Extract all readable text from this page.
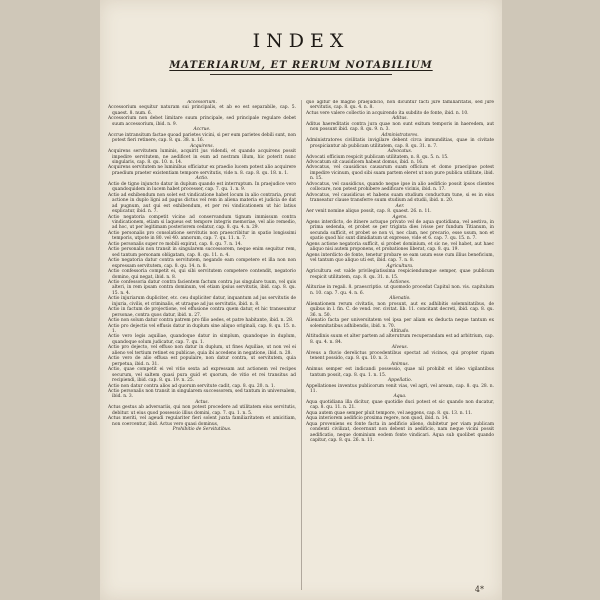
INDEX
MATERIARUM, ET RERUM NOTABILIUM
Accessorium.
Accessorium sequitur naturam sui principalis, et ab eo est separabile, cap. 5. quaest. 8. num. 6.
Accessorium non debet limitare suum principale, sed principale regulare debet suum accessorium, ibid. n. 9.
Accrue.
Accrue intransitum factae quoad parietes vicini, si per eum parietes debili sunt, non potest fieri retinere, cap. 8. qu. 38. n. 16.
Acquirens.
Acquirens servitutem luminis, acquirit jus videndi, et quando acquirens possit impedire servitutem, ne aedificet in eum ad nostram illum, hic poterit nunc singularis, cap. 8. qu. 10. n. 14.
Acquirens servitutem ne luminibus officiatur ex praedio lucem potest alio acquirere praedium praeter existentiam tempore servitutis, vide n. 8. cap. 8. qu. 18. n. 1.
Actio.
Actio de tigno injuncto datur in duplum quando est interruptum. In praejudice vero quandoquidem in lucem habet processer, cap. 7. qu. 1. n. 9.
Actio ad exhibendum non solet est vindicatione habet locum in alio contraria, prout actione in duplo ligni ad pagus dictus vel rem in aliena materia et judicia de dat ad pugnum, aut qui est exhibendum, et per rei vindicationem ut hic latius explicatur, ibid. n. 7.
Actio negatoria competit vicino ad conservandum tignum immissum contra vindicationem, etiam si laqueus est tempore integris memoriae, vel alio remedio, ad hoc, ut per legitimam posteriorem cedatur, cap. 8. qu. 4. n. 29.
Actio personalis pro consolatione servitutis non praescribitur in spatio longissimi temporis, utpote in 80. vel 40. annorum, cap. 7. qu. 11. n. 7.
Actio personalis super re mobili expirat, cap. 8. qu. 7. n. 14.
Actio personalis non transit in singularem successorem, neque enim sequitur rem, sed tantum personam obligatam, cap. 8. qu. 11. n. 4.
Actio negatoria datur contra servitutem, negando eam competere et illa non non expressam servitutem, cap. 8. qu. 14. n. 8.
Actio confessoria competit ei, qui sibi servitutem competere contendit, negatorio domino, qui negat, ibid. n. 8.
Actio confessoria datur contra facientem factum contra jus singulare tuum, vel quis alteri, in rem ipsam contra dominum, vel etiam ipsius servitutis, ibid. cap. 8. qu. 15. n. 4.
Actio injuriarum dupliciter, etc. ceu dupliciter datur, inquantum ad jus servitutis de injuria, civilis, et criminalis, et utraque ad jus servitutis, ibid. n. 8.
Actio in factum de projectione, vel effusione contra quem datur, et hic transeuntur personae, contra quos datur, ibid. n. 27.
Actio non solum datur contra patrem pro filio aedes, et patre habitante, ibid. n. 28.
Actio pro dejectis vel effusis datur in duplum sine aliquo originali, cap. 8. qu. 15. n. 1.
Actio vero legis aquiliae, quandoque datur in simplum, quandoque in duplum, quandoque solum judicatur, cap. 7. qu. 1.
Actio pro dejecto, vel effuso non datur in duplum, ut fines Aquiliae, ut non vel ei alieno vel tertium retinet ex publicae, quia ibi accedens in negatione, ibid. n. 28.
Actio vero de alio effusa est populaire, non datur contra, ut servitutem, quia perpetua, ibid. n. 31.
Actio, quae competit ei vel vitio sexta ad expressam aut actionem vel recipes securum, vel saltem quasi pura quid et quorum, de vitio et rei transitus ad recipiendi, ibid. cap. 8. qu. 19. n. 25.
Actio non datur contra alios ad quorum servitute cadit, cap. 8. qu. 20. n. 1.
Actio personalis non transit in singularem successorem, sed tantum in universalem, ibid. n. 3.
Actus.
Actus gestus ab adversariis, qui non potest procedere ad utilitatem eius servitutis, debitur. ut eius quod possessio illius domini, cap. 7. qu. 1. n. 5.
Actus meriti, vel ageudi regulariter fieri solent juxta familiaritatem et amicitiam, non coercentur, ibid. Actus vero quasi dominus,
Prohibitio de Servitutibus.
quo agitur de magno praejudicio, non dicuntur facti jure familiaritatis, sed jure servitutis, cap. 8. qu. 4. n. 8.
Actus vere valere collectio in acquirendo ita subdito de fonte, ibid. n. 10.
Aditus.
Aditus haereditatis contra jura quae non sunt exitum temporis in haeredem, aut non possunt ibid. cap. 8. qu. 9. n. 3.
Administratores.
Administratores civilitatis invigilare debent circa immunditias, quae in civitate prospiciantur ab publicam utilitatem, cap. 8. qu. 31. n. 7.
Advocatus.
Advocati officium respicit publicam utilitatem, n. 8. qu. 5. n. 15.
Advocatum sit causidicem habeat domus, ibid. n. 16.
Advocatus, vel causidicus causarum suam officium et domo praecipue potest impedire vicinum, quod sibi suam partem eleret ut non pure publica utilitate, ibid. n. 15.
Advocatus, vel causidicus, quando neque ipse in alio aedificio possit ipsos clientes collocare, non potest prohibere aedificare vicinis, ibid. n. 17.
Advocatus, vel causidicus et habens suam studium conductum tune, si es in eius transeatur clause transferre suum studium ad studii, ibid. n. 20.
Aer.
Aer venit nomine aliquo possit, cap. 8. quaest. 26. n. 11.
Agens.
Agens interdicto, de itinere actuque privato vel de aqua quotidiana, vel aestiva, in prima sedenda, et probet se per triginta dies ivisse per fundum Titianum, in secunda sufficit, et probet se non vi, nec clam, nec precario, esse usum, non et spatio quod hic sunt dimidiatum ut expresse, vide et 6. cap. 7. qu. 15. n. 7.
Agens actione negatoria sufficit, si probet dominium, et sic ne, vel habet, aut haec aliquo nisi autem proponens, et probationes liberat, cap. 8. qu. 19.
Agens interdicto de fonte, tenetur probare se eam usum esse cum illius beneficium, vel tantum quo aliquo uti est, ibid. cap. 7. n. 8.
Agricultura.
Agricultura est valde privilegiatissima respiciendumque semper, quae publicum respicit utilitatem, cap. 8. qu. 31. n. 15.
Actiones.
Alituriae in regali. 8. praescriptio. ut quomodo procedat Capitul non. vis. capitulum n. 10. cap. 7. qu. 4. n. 6.
Alienatio.
Alienationem rerum civitatis, non prosunt, aut ex adhibitis solemnitatibus, de quibus in l. fin. C. de vend. rer. civitat. lib. 11. concitant decreti, ibid. cap. 8. qu. 36. n. 50.
Alienatio facta per universitatem vel ipsa per aliam ex deducta neque tantum ex solemnitatibus adhibendis, ibid. n. 70.
Altitudo.
Altitudinis suum et alter partem ad alterutrum recuperandam est ad arbitrium, cap. 8. qu. 4. n. 84.
Alveus.
Alveus a fluvio derelictus procedentibus spectat ad vicinos, qui propter ripam tenent possido, cap. 8. qu. 10. n. 3.
Animus.
Animus semper est indicandi possessio, quae nil prohibit et ideo vigilantibus tantum possit, cap. 8. qu. 1. n. 15.
Appellatio.
Appellationes inventus publicorum venit vias, vel agri, vel aream, cap. 8. qu. 28. n. 11.
Aqua.
Aqua quotidiana illa dicitur, quae quotidie duci potest et sic quando non ducatur, cap. 8. qu. 11. n. 21.
Aqua autem quae semper pluit tempore, vel aeggens, cap. 8. qu. 13. n. 11.
Aqua interiorem aedificio proxima regere, non quod, ibid. n. 14.
Aqua proveniens ex fonte facta in aedificio alieno, dubitetur per viam publicam condenti civilizat, decernunt non debent in aedificio, nam neque vicini possit aedificatio, neque dominium eodem fonte vindicari. Aqua sub quolibet quando capitur, cap. 8. qu. 26. n. 11.
4*
